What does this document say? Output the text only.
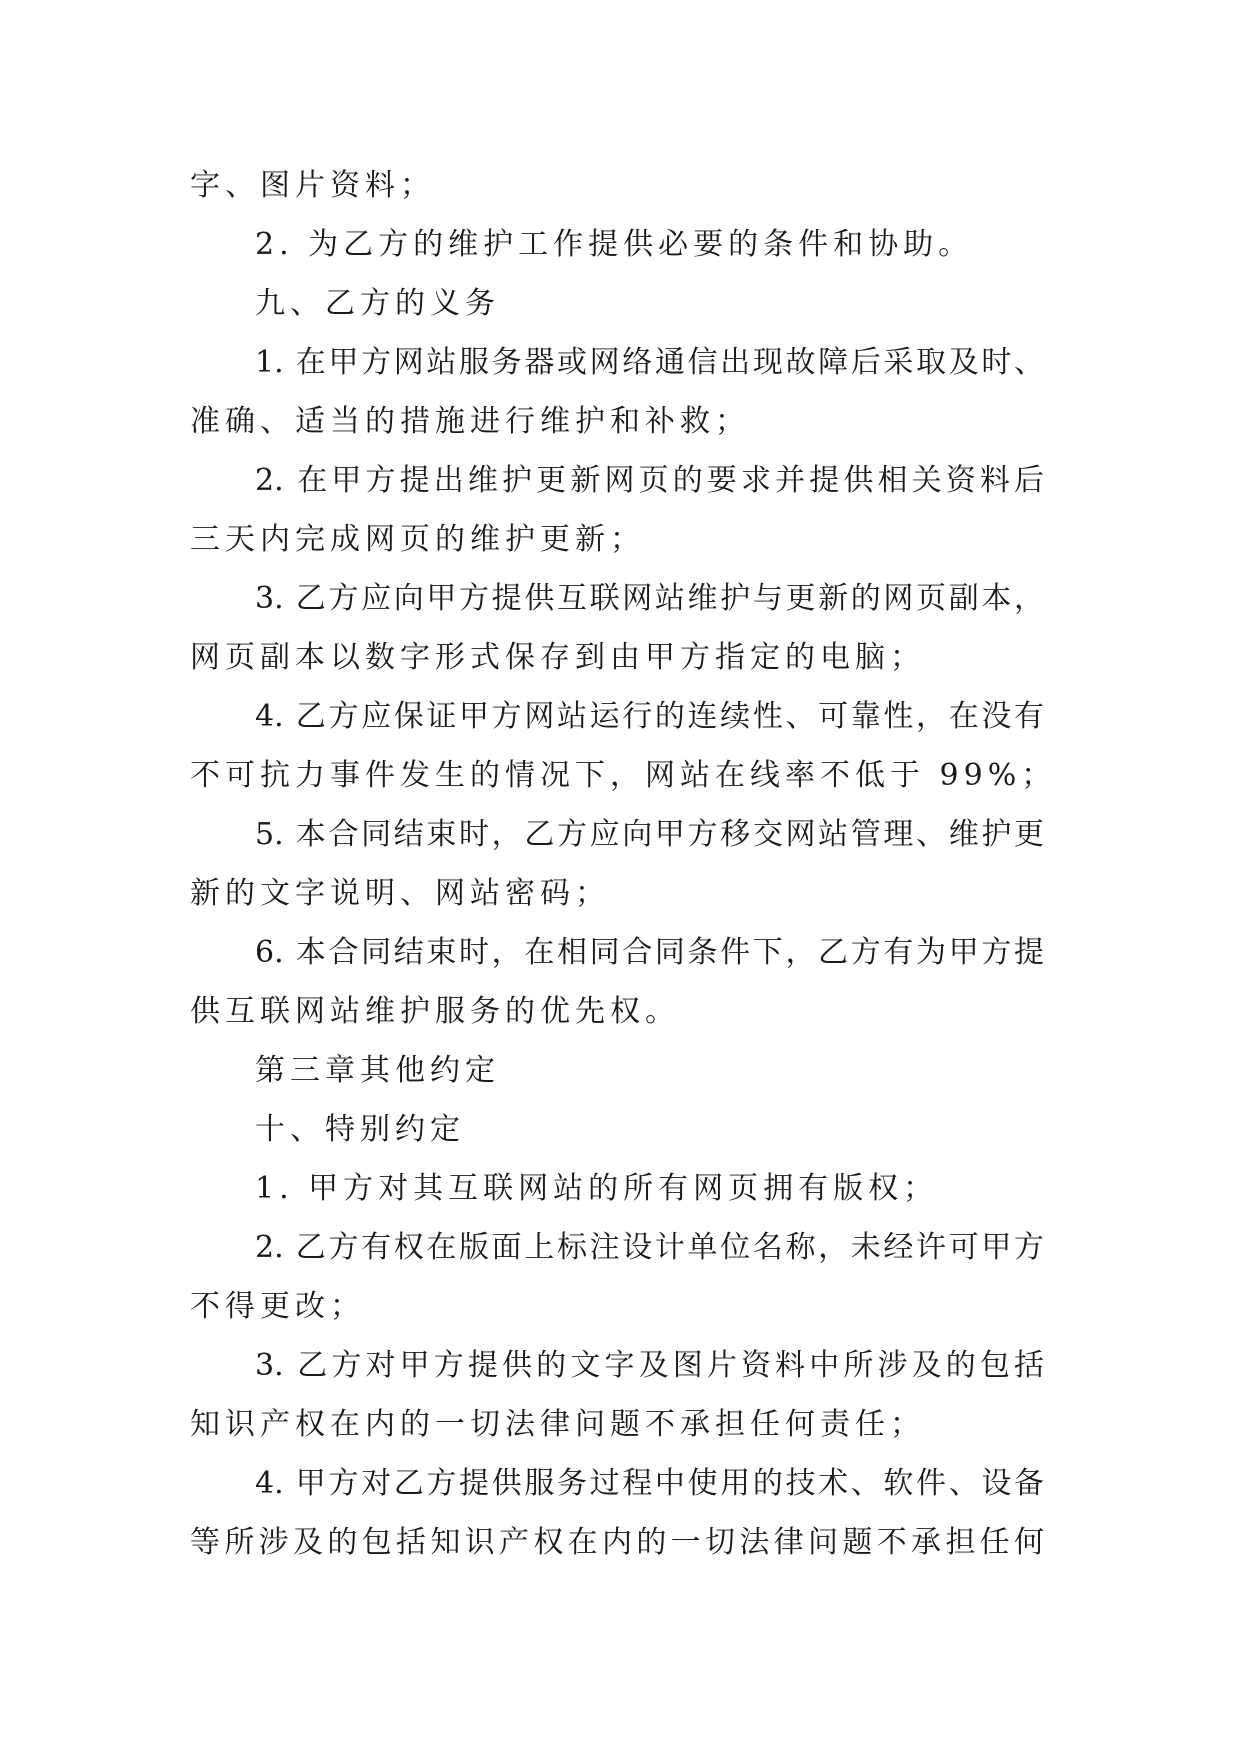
字、图片资料；
2. 为乙方的维护工作提供必要的条件和协助。
九、乙方的义务
1. 在甲方网站服务器或网络通信出现故障后采取及时、
准确、适当的措施进行维护和补救；
2. 在甲方提出维护更新网页的要求并提供相关资料后
三天内完成网页的维护更新；
3. 乙方应向甲方提供互联网站维护与更新的网页副本，
网页副本以数字形式保存到由甲方指定的电脑；
4. 乙方应保证甲方网站运行的连续性、可靠性，在没有
不可抗力事件发生的情况下，网站在线率不低于 99%；
5. 本合同结束时，乙方应向甲方移交网站管理、维护更
新的文字说明、网站密码；
6. 本合同结束时，在相同合同条件下，乙方有为甲方提
供互联网站维护服务的优先权。
第三章其他约定
十、特别约定
1. 甲方对其互联网站的所有网页拥有版权；
2. 乙方有权在版面上标注设计单位名称，未经许可甲方
不得更改；
3. 乙方对甲方提供的文字及图片资料中所涉及的包括
知识产权在内的一切法律问题不承担任何责任；
4. 甲方对乙方提供服务过程中使用的技术、软件、设备
等所涉及的包括知识产权在内的一切法律问题不承担任何
